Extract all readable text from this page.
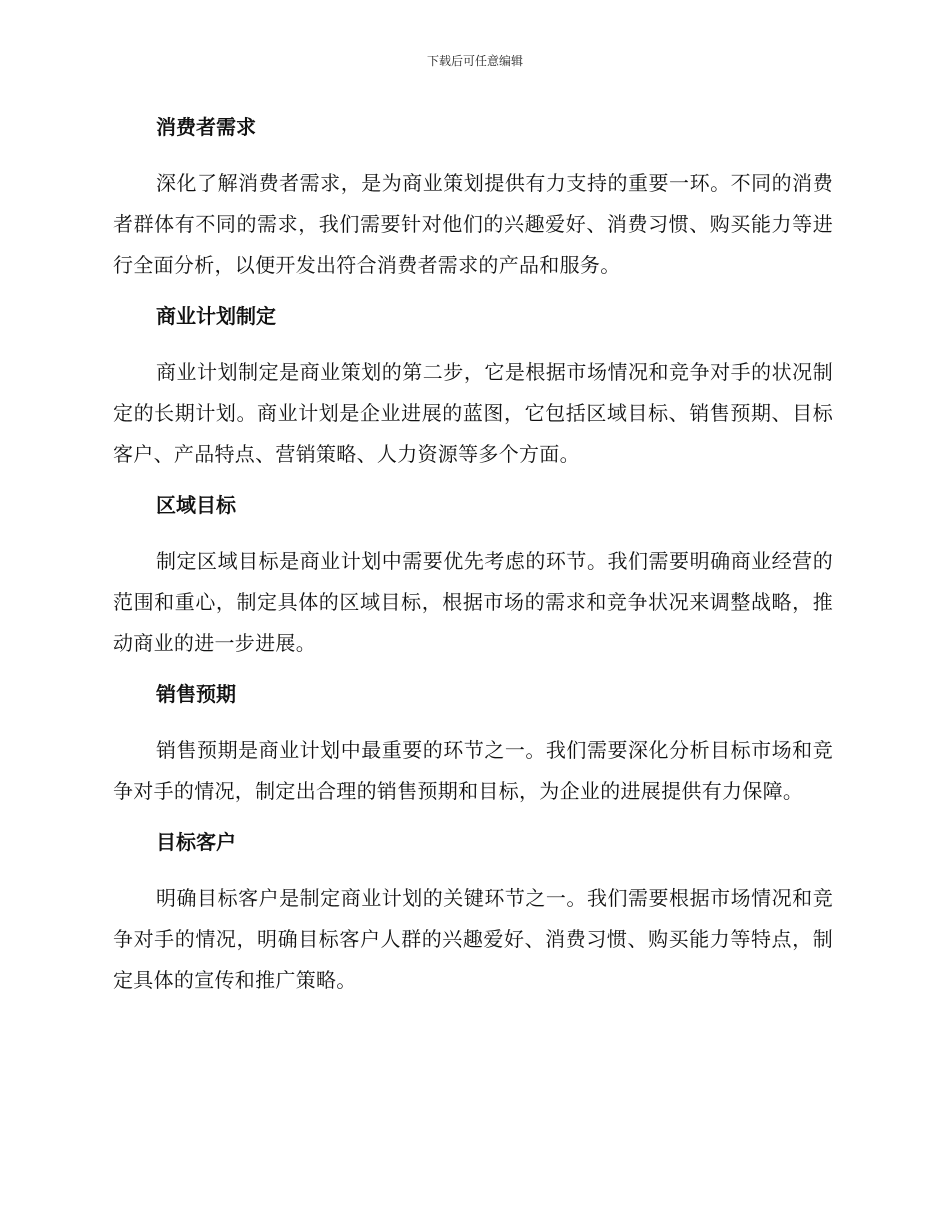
下载后可任意编辑
消费者需求

深化了解消费者需求，是为商业策划提供有力支持的重要一环。不同的消费者群体有不同的需求，我们需要针对他们的兴趣爱好、消费习惯、购买能力等进行全面分析，以便开发出符合消费者需求的产品和服务。

商业计划制定

商业计划制定是商业策划的第二步，它是根据市场情况和竞争对手的状况制定的长期计划。商业计划是企业进展的蓝图，它包括区域目标、销售预期、目标客户、产品特点、营销策略、人力资源等多个方面。

区域目标

制定区域目标是商业计划中需要优先考虑的环节。我们需要明确商业经营的范围和重心，制定具体的区域目标，根据市场的需求和竞争状况来调整战略，推动商业的进一步进展。

销售预期

销售预期是商业计划中最重要的环节之一。我们需要深化分析目标市场和竞争对手的情况，制定出合理的销售预期和目标，为企业的进展提供有力保障。

目标客户

明确目标客户是制定商业计划的关键环节之一。我们需要根据市场情况和竞争对手的情况，明确目标客户人群的兴趣爱好、消费习惯、购买能力等特点，制定具体的宣传和推广策略。
